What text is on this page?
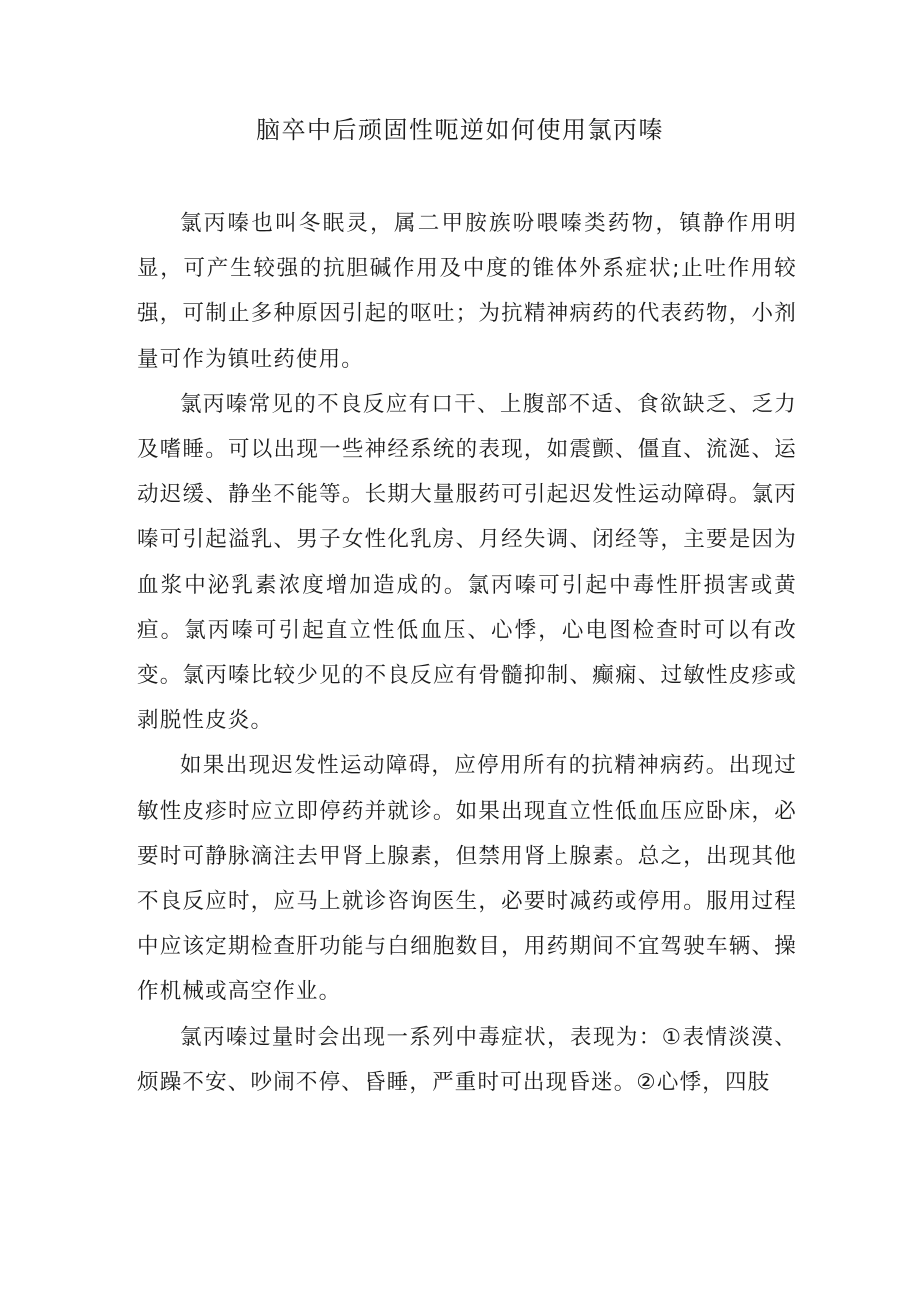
脑卒中后顽固性呃逆如何使用氯丙嗪

氯丙嗪也叫冬眠灵，属二甲胺族吩喂嗪类药物，镇静作用明显，可产生较强的抗胆碱作用及中度的锥体外系症状;止吐作用较强，可制止多种原因引起的呕吐；为抗精神病药的代表药物，小剂量可作为镇吐药使用。

氯丙嗪常见的不良反应有口干、上腹部不适、食欲缺乏、乏力及嗜睡。可以出现一些神经系统的表现，如震颤、僵直、流涎、运动迟缓、静坐不能等。长期大量服药可引起迟发性运动障碍。氯丙嗪可引起溢乳、男子女性化乳房、月经失调、闭经等，主要是因为血浆中泌乳素浓度增加造成的。氯丙嗪可引起中毒性肝损害或黄疸。氯丙嗪可引起直立性低血压、心悸，心电图检查时可以有改变。氯丙嗪比较少见的不良反应有骨髓抑制、癫痫、过敏性皮疹或剥脱性皮炎。

如果出现迟发性运动障碍，应停用所有的抗精神病药。出现过敏性皮疹时应立即停药并就诊。如果出现直立性低血压应卧床，必要时可静脉滴注去甲肾上腺素，但禁用肾上腺素。总之，出现其他不良反应时，应马上就诊咨询医生，必要时减药或停用。服用过程中应该定期检查肝功能与白细胞数目，用药期间不宜驾驶车辆、操作机械或高空作业。

氯丙嗪过量时会出现一系列中毒症状，表现为：①表情淡漠、烦躁不安、吵闹不停、昏睡，严重时可出现昏迷。②心悸，四肢
